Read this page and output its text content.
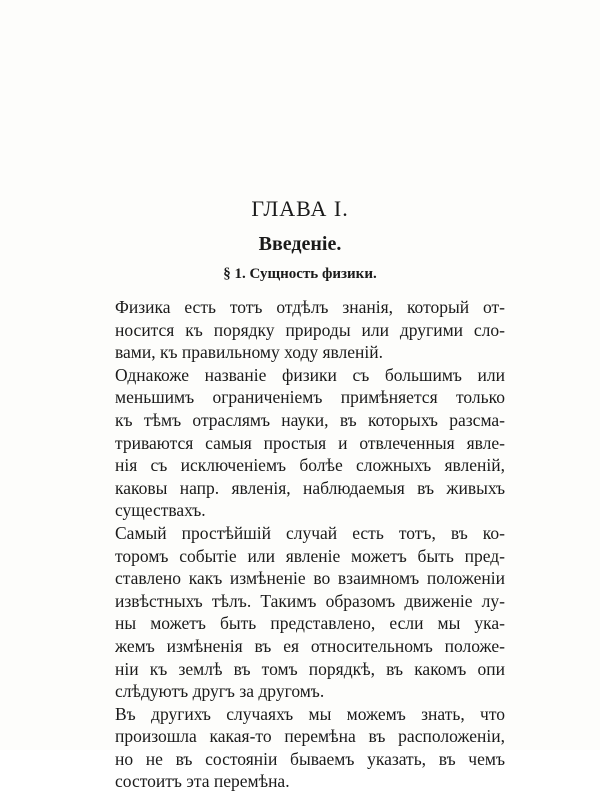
ГЛАВА I.
Введеніе.
§ 1. Сущность физики.

Физика есть тотъ отдѣлъ знанія, который от-
носится къ порядку природы или другими сло-
вами, къ правильному ходу явленій.

Однакоже названіе физики съ большимъ или
меньшимъ ограниченіемъ примѣняется только
къ тѣмъ отраслямъ науки, въ которыхъ разсма-
триваются самыя простыя и отвлеченныя явле-
нія съ исключеніемъ болѣе сложныхъ явленій,
каковы напр. явленія, наблюдаемыя въ живыхъ
существахъ.

Самый простѣйшій случай есть тотъ, въ ко-
торомъ событіе или явленіе можетъ быть пред-
ставлено какъ измѣненіе во взаимномъ положеніи
извѣстныхъ тѣлъ. Такимъ образомъ движеніе лу-
ны можетъ быть представлено, если мы ука-
жемъ измѣненія въ ея относительномъ положе-
нiи къ землѣ въ томъ порядкѣ, въ какомъ опи
слѣдуютъ другъ за другомъ.

Въ другихъ случаяхъ мы можемъ знать, что
произошла какая-то перемѣна въ расположеніи,
но не въ состояніи бываемъ указать, въ чемъ
состоитъ эта перемѣна.
